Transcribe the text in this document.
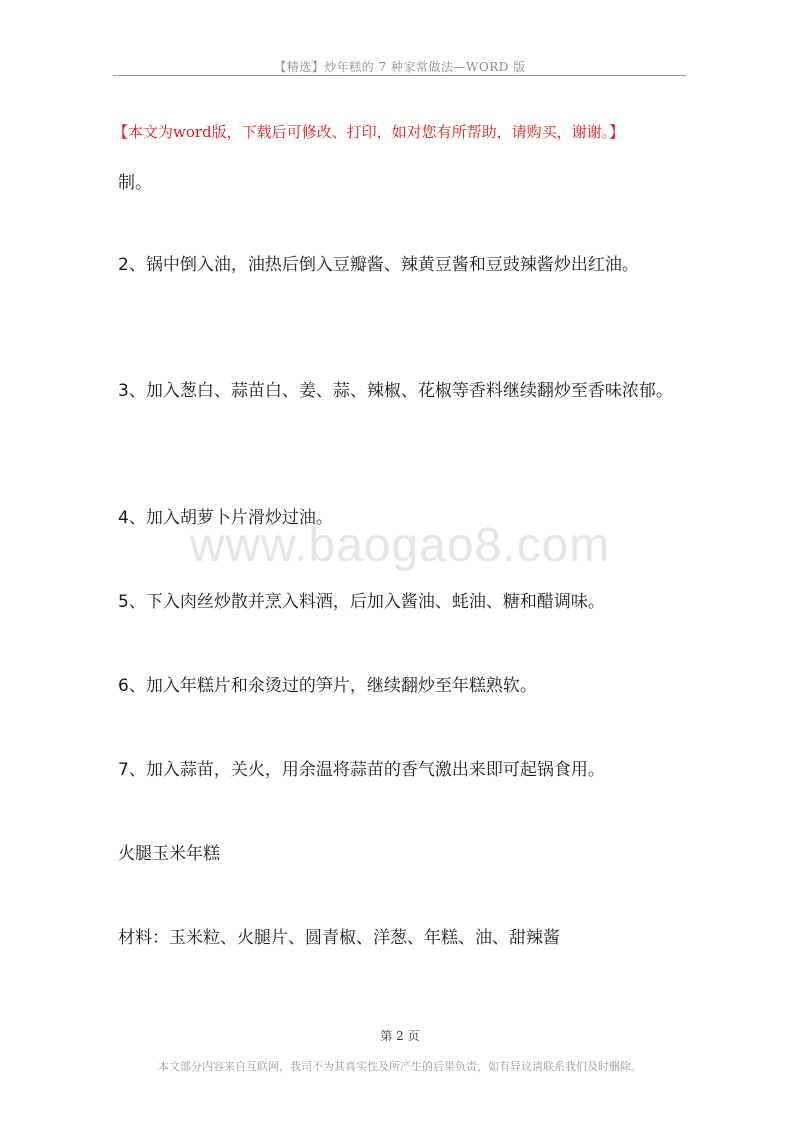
【精选】炒年糕的 7 种家常做法—WORD 版
【本文为word版，下载后可修改、打印，如对您有所帮助，请购买，谢谢。】
制。
2、锅中倒入油，油热后倒入豆瓣酱、辣黄豆酱和豆豉辣酱炒出红油。
3、加入葱白、蒜苗白、姜、蒜、辣椒、花椒等香料继续翻炒至香味浓郁。
4、加入胡萝卜片滑炒过油。
www.baogao8.com
5、下入肉丝炒散并烹入料酒，后加入酱油、蚝油、糖和醋调味。
6、加入年糕片和氽烫过的笋片，继续翻炒至年糕熟软。
7、加入蒜苗，关火，用余温将蒜苗的香气激出来即可起锅食用。
火腿玉米年糕
材料：玉米粒、火腿片、圆青椒、洋葱、年糕、油、甜辣酱
第 2 页
本文部分内容来自互联网，我司不为其真实性及所产生的后果负责，如有异议请联系我们及时删除。
